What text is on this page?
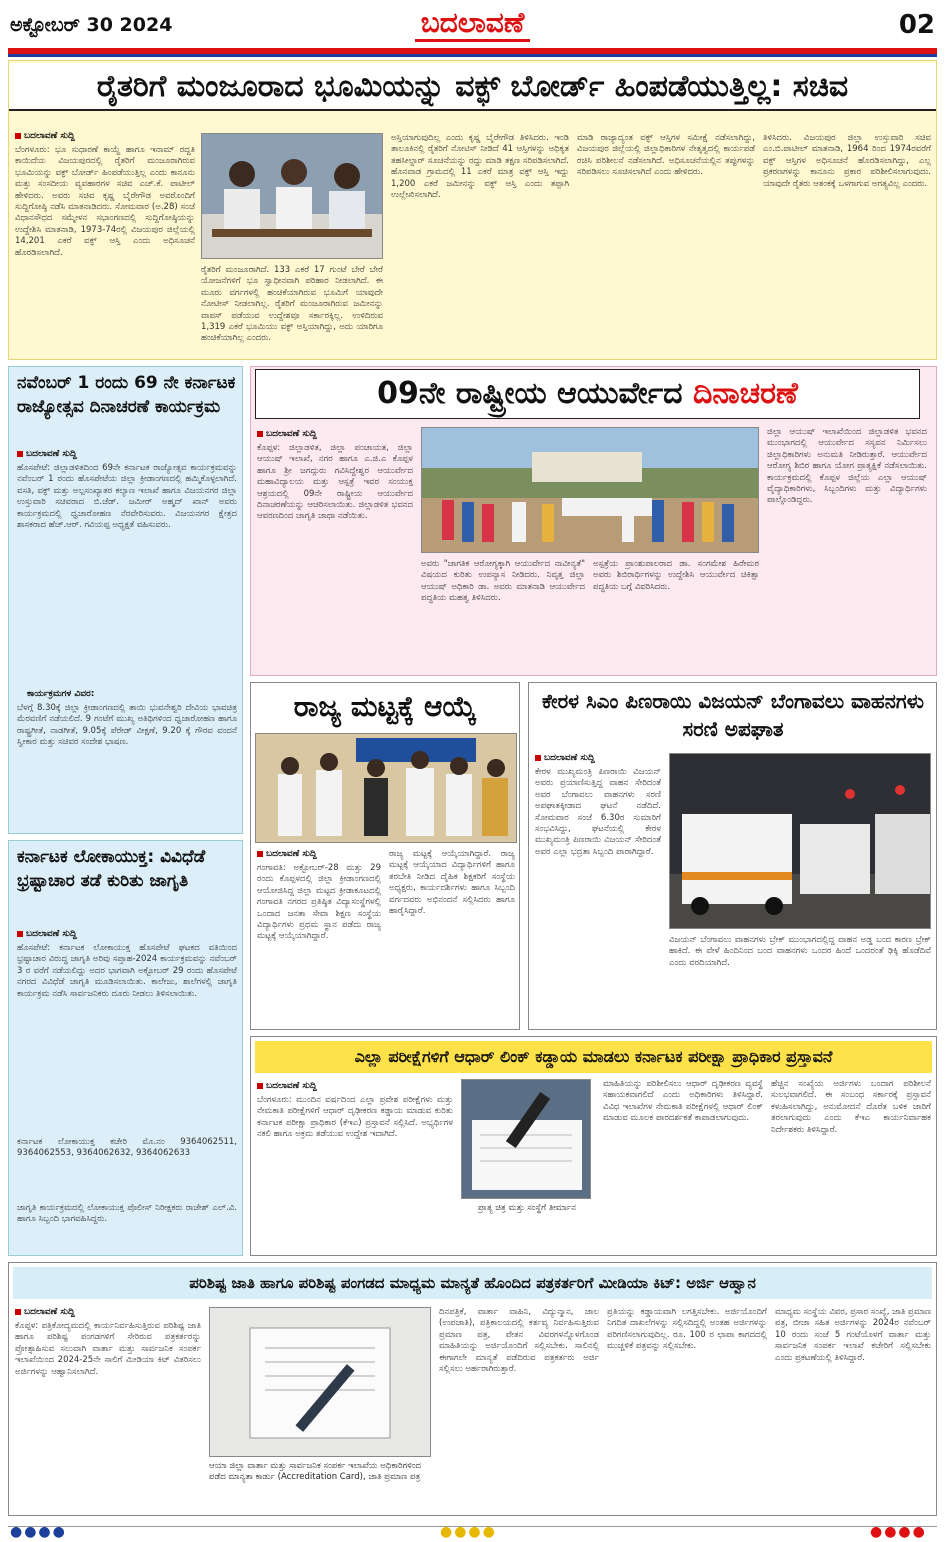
ಅಕ್ಟೋಬರ್ 30 2024	ಬದಲಾವಣೆ	02
ರೈತರಿಗೆ ಮಂಜೂರಾದ ಭೂಮಿಯನ್ನು ವಕ್ಫ್ ಬೋರ್ಡ್ ಹಿಂಪಡೆಯುತ್ತಿಲ್ಲ: ಸಚಿವ
ಬದಲಾವಣೆ ಸುದ್ದಿ
ಬೆಂಗಳೂರು: ಭೂ ಸುಧಾರಣೆ ಕಾಯ್ದೆ ಹಾಗೂ ಇನಾಮ್ ರದ್ದತಿ ಕಾಯಿದೆಯ ವಿಜಯಪುರದಲ್ಲಿ ರೈತರಿಗೆ ಮಂಜೂರಾಗಿರುವ ಭೂಮಿಯನ್ನು ವಕ್ಫ್ ಬೋರ್ಡ್ ಹಿಂಪಡೆಯುತ್ತಿಲ್ಲ ಎಂದು ಕಾನೂನು ಮತ್ತು ಸಂಸದೀಯ ವ್ಯವಹಾರಗಳ ಸಚಿವ ಎಚ್.ಕೆ. ಪಾಟೀಲ್ ಹೇಳಿದರು. ಅವರು ಸಚಿವ ಕೃಷ್ಣ ಬೈರೇಗೌಡ ಅವರೊಂದಿಗೆ ಸುದ್ದಿಗೋಷ್ಠಿ ನಡೆಸಿ ಮಾತನಾಡಿದರು. ಸೋಮವಾರ (ಅ.28) ಸಂಜೆ ವಿಧಾನಸೌಧದ ಸಮ್ಮೇಳನ ಸಭಾಂಗಣದಲ್ಲಿ ಸುದ್ದಿಗೋಷ್ಠಿಯನ್ನು ಉದ್ದೇಶಿಸಿ ಮಾತನಾಡಿ, 1973-74ರಲ್ಲಿ ವಿಜಯಪುರ ಜಿಲ್ಲೆಯಲ್ಲಿ 14,201 ಎಕರೆ ವಕ್ಫ್ ಆಸ್ತಿ ಎಂದು ಅಧಿಸೂಚನೆ ಹೊರಡಿಸಲಾಗಿದೆ.
ರೈತರಿಗೆ ಮಂಜೂರಾಗಿದೆ. 133 ಎಕರೆ 17 ಗುಂಟೆ ಬೇರೆ ಬೇರೆ ಯೋಜನೆಗಳಿಗೆ ಭೂ ಸ್ವಾಧೀನವಾಗಿ ಪರಿಹಾರ ನೀಡಲಾಗಿದೆ. ಈ ಮೂರು ವರ್ಗಗಳಲ್ಲಿ ಹಂಚಿಕೆಯಾಗಿರುವ ಭೂಮಿಗೆ ಯಾವುದೇ ನೋಟೀಸ್ ನೀಡಲಾಗಿಲ್ಲ. ರೈತರಿಗೆ ಮಂಜೂರಾಗಿರುವ ಜಮೀನನ್ನು ವಾಪಸ್ ಪಡೆಯುವ ಉದ್ದೇಶವೂ ಸರ್ಕಾರಕ್ಕಿಲ್ಲ. ಉಳಿದಿರುವ 1,319 ಎಕರೆ ಭೂಮಿಯು ವಕ್ಫ್ ಆಸ್ತಿಯಾಗಿದ್ದು, ಅದು ಯಾರಿಗೂ ಹಂಚಿಕೆಯಾಗಿಲ್ಲ ಎಂದರು.
ಅಸ್ತಿಯಾಗುವುದಿಲ್ಲ ಎಂದು ಕೃಷ್ಣ ಬೈರೇಗೌಡ ತಿಳಿಸಿದರು. ಇಂಡಿ ತಾಲೂಕಿನಲ್ಲಿ ರೈತರಿಗೆ ನೋಟಿಸ್ ನೀಡಿದೆ 41 ಆಸ್ತಿಗಳನ್ನು ಅಧಿಕೃತ ತಹಸೀಲ್ದಾರ್ ಸೂಚನೆಯನ್ನು ರದ್ದು ಮಾಡಿ ತಕ್ಷಣ ಸರಿಪಡಿಸಲಾಗಿದೆ. ಹೊನವಾಡ ಗ್ರಾಮದಲ್ಲಿ 11 ಎಕರೆ ಮಾತ್ರ ವಕ್ಫ್ ಆಸ್ತಿ ಇದ್ದು 1,200 ಎಕರೆ ಜಮೀನನ್ನು ವಕ್ಫ್ ಆಸ್ತಿ ಎಂದು ತಪ್ಪಾಗಿ ಉಲ್ಲೇಖಿಸಲಾಗಿದೆ.
ಮಾಡಿ ರಾಜ್ಯಾದ್ಯಂತ ವಕ್ಫ್ ಆಸ್ತಿಗಳ ಸಮೀಕ್ಷೆ ನಡೆಸಲಾಗಿದ್ದು, ವಿಜಯಪುರ ಜಿಲ್ಲೆಯಲ್ಲಿ ಜಿಲ್ಲಾಧಿಕಾರಿಗಳ ನೇತೃತ್ವದಲ್ಲಿ ಕಾರ್ಯಪಡೆ ರಚಿಸಿ ಪರಿಶೀಲನೆ ನಡೆಸಲಾಗಿದೆ. ಅಧಿಸೂಚನೆಯಲ್ಲಿನ ತಪ್ಪುಗಳನ್ನು ಸರಿಪಡಿಸಲು ಸೂಚಿಸಲಾಗಿದೆ ಎಂದು ಹೇಳಿದರು.
ತಿಳಿಸಿದರು. ವಿಜಯಪುರ ಜಿಲ್ಲಾ ಉಸ್ತುವಾರಿ ಸಚಿವ ಎಂ.ಬಿ.ಪಾಟೀಲ್ ಮಾತನಾಡಿ, 1964 ರಿಂದ 1974ರವರೆಗೆ ವಕ್ಫ್ ಆಸ್ತಿಗಳ ಅಧಿಸೂಚನೆ ಹೊರಡಿಸಲಾಗಿದ್ದು, ಎಲ್ಲ ಪ್ರಕರಣಗಳನ್ನು ಕಾನೂನು ಪ್ರಕಾರ ಪರಿಶೀಲಿಸಲಾಗುವುದು. ಯಾವುದೇ ರೈತರು ಆತಂಕಕ್ಕೆ ಒಳಗಾಗುವ ಅಗತ್ಯವಿಲ್ಲ ಎಂದರು.
ನವೆಂಬರ್ 1 ರಂದು 69 ನೇ ಕರ್ನಾಟಕ ರಾಜ್ಯೋತ್ಸವ ದಿನಾಚರಣೆ ಕಾರ್ಯಕ್ರಮ
ಬದಲಾವಣೆ ಸುದ್ದಿ
ಹೊಸಪೇಟೆ: ಜಿಲ್ಲಾಡಳಿತದಿಂದ 69ನೇ ಕರ್ನಾಟಕ ರಾಜ್ಯೋತ್ಸವ ಕಾರ್ಯಕ್ರಮವನ್ನು ನವೆಂಬರ್ 1 ರಂದು ಹೊಸಪೇಟೆಯ ಜಿಲ್ಲಾ ಕ್ರೀಡಾಂಗಣದಲ್ಲಿ ಹಮ್ಮಿಕೊಳ್ಳಲಾಗಿದೆ. ವಸತಿ, ವಕ್ಫ್ ಮತ್ತು ಅಲ್ಪಸಂಖ್ಯಾತರ ಕಲ್ಯಾಣ ಇಲಾಖೆ ಹಾಗೂ ವಿಜಯನಗರ ಜಿಲ್ಲಾ ಉಸ್ತುವಾರಿ ಸಚಿವರಾದ ಬಿ.ಜೆಡ್. ಜಮೀರ್ ಅಹ್ಮದ್ ಖಾನ್ ಅವರು ಕಾರ್ಯಕ್ರಮದಲ್ಲಿ ಧ್ವಜಾರೋಹಣ ನೆರವೇರಿಸುವರು. ವಿಜಯನಗರ ಕ್ಷೇತ್ರದ ಶಾಸಕರಾದ ಹೆಚ್.ಆರ್. ಗವಿಯಪ್ಪ ಅಧ್ಯಕ್ಷತೆ ವಹಿಸುವರು.
ಕಾರ್ಯಕ್ರಮಗಳ ವಿವರ:
ಬೆಳಗ್ಗೆ 8.30ಕ್ಕೆ ಜಿಲ್ಲಾ ಕ್ರೀಡಾಂಗಣದಲ್ಲಿ ತಾಯಿ ಭುವನೇಶ್ವರಿ ದೇವಿಯ ಭಾವಚಿತ್ರ ಮೆರವಣಿಗೆ ನಡೆಯಲಿದೆ. 9 ಗಂಟೆಗೆ ಮುಖ್ಯ ಅತಿಥಿಗಳಿಂದ ಧ್ವಜಾರೋಹಣ ಹಾಗೂ ರಾಷ್ಟ್ರಗೀತೆ, ನಾಡಗೀತೆ, 9.05ಕ್ಕೆ ಪೆರೇಡ್ ವೀಕ್ಷಣೆ, 9.20 ಕ್ಕೆ ಗೌರವ ವಂದನೆ ಸ್ವೀಕಾರ ಮತ್ತು ಸಚಿವರ ಸಂದೇಶ ಭಾಷಣ.
09ನೇ ರಾಷ್ಟ್ರೀಯ ಆಯುರ್ವೇದ ದಿನಾಚರಣೆ
ಬದಲಾವಣೆ ಸುದ್ದಿ
ಕೊಪ್ಪಳ: ಜಿಲ್ಲಾಡಳಿತ, ಜಿಲ್ಲಾ ಪಂಚಾಯತ, ಜಿಲ್ಲಾ ಆಯುಷ್ ಇಲಾಖೆ, ನಗರ ಹಾಗೂ ಎ.ಜಿ.ಎ ಕೊಪ್ಪಳ ಹಾಗೂ ಶ್ರೀ ಜಗದ್ಗುರು ಗವಿಸಿದ್ದೇಶ್ವರ ಆಯುರ್ವೇದ ಮಹಾವಿದ್ಯಾಲಯ ಮತ್ತು ಆಸ್ಪತ್ರೆ ಇವರ ಸಂಯುಕ್ತ ಆಶ್ರಯದಲ್ಲಿ 09ನೇ ರಾಷ್ಟ್ರೀಯ ಆಯುರ್ವೇದ ದಿನಾಚರಣೆಯನ್ನು ಆಚರಿಸಲಾಯಿತು. ಜಿಲ್ಲಾಡಳಿತ ಭವನದ ಆವರಣದಿಂದ ಜಾಗೃತಿ ಜಾಥಾ ನಡೆಯಿತು.
ಅವರು "ಜಾಗತಿಕ ಆರೋಗ್ಯಕ್ಕಾಗಿ ಆಯುರ್ವೇದ ನಾವೀನ್ಯತೆ" ವಿಷಯದ ಕುರಿತು ಉಪನ್ಯಾಸ ನೀಡಿದರು. ನಿವೃತ್ತ ಜಿಲ್ಲಾ ಆಯುಷ್ ಅಧಿಕಾರಿ ಡಾ. ಅವರು ಮಾತನಾಡಿ ಆಯುರ್ವೇದ ಪದ್ಧತಿಯ ಮಹತ್ವ ತಿಳಿಸಿದರು.
ಅಸ್ಪತ್ರೆಯ ಪ್ರಾಂಶುಪಾಲರಾದ ಡಾ. ಸಂಗಮೇಶ ಹಿರೇಮಠ ಅವರು ಶಿಬಿರಾರ್ಥಿಗಳನ್ನು ಉದ್ದೇಶಿಸಿ ಆಯುರ್ವೇದ ಚಿಕಿತ್ಸಾ ಪದ್ಧತಿಯ ಬಗ್ಗೆ ವಿವರಿಸಿದರು.
ಜಿಲ್ಲಾ ಆಯುಷ್ ಇಲಾಖೆಯಿಂದ ಜಿಲ್ಲಾಡಳಿತ ಭವನದ ಮುಂಭಾಗದಲ್ಲಿ ಆಯುರ್ವೇದ ಸಸ್ಯವನ ನಿರ್ಮಿಸಲು ಜಿಲ್ಲಾಧಿಕಾರಿಗಳು ಅನುಮತಿ ನೀಡಿರುತ್ತಾರೆ. ಆಯುರ್ವೇದ ಆರೋಗ್ಯ ಶಿಬಿರ ಹಾಗೂ ಯೋಗ ಪ್ರಾತ್ಯಕ್ಷಿಕೆ ನಡೆಸಲಾಯಿತು. ಕಾರ್ಯಕ್ರಮದಲ್ಲಿ ಕೊಪ್ಪಳ ಜಿಲ್ಲೆಯ ಎಲ್ಲಾ ಆಯುಷ್ ವೈದ್ಯಾಧಿಕಾರಿಗಳು, ಸಿಬ್ಬಂದಿಗಳು ಮತ್ತು ವಿದ್ಯಾರ್ಥಿಗಳು ಪಾಲ್ಗೊಂಡಿದ್ದರು.
ರಾಜ್ಯ ಮಟ್ಟಕ್ಕೆ ಆಯ್ಕೆ
ಬದಲಾವಣೆ ಸುದ್ದಿ
ಗಂಗಾವತಿ: ಅಕ್ಟೋಬರ್-28 ಮತ್ತು 29 ರಂದು ಕೊಪ್ಪಳದಲ್ಲಿ ಜಿಲ್ಲಾ ಕ್ರೀಡಾಂಗಣದಲ್ಲಿ ಆಯೋಜಿಸಿದ್ದ ಜಿಲ್ಲಾ ಮಟ್ಟದ ಕ್ರೀಡಾಕೂಟದಲ್ಲಿ ಗಂಗಾವತಿ ನಗರದ ಪ್ರತಿಷ್ಠಿತ ವಿದ್ಯಾಸಂಸ್ಥೆಗಳಲ್ಲಿ ಒಂದಾದ ಜನತಾ ಸೇವಾ ಶಿಕ್ಷಣ ಸಂಸ್ಥೆಯ ವಿದ್ಯಾರ್ಥಿಗಳು ಪ್ರಥಮ ಸ್ಥಾನ ಪಡೆದು ರಾಜ್ಯ ಮಟ್ಟಕ್ಕೆ ಆಯ್ಕೆಯಾಗಿದ್ದಾರೆ.
ರಾಜ್ಯ ಮಟ್ಟಕ್ಕೆ ಆಯ್ಕೆಯಾಗಿದ್ದಾರೆ. ರಾಜ್ಯ ಮಟ್ಟಕ್ಕೆ ಆಯ್ಕೆಯಾದ ವಿದ್ಯಾರ್ಥಿಗಳಿಗೆ ಹಾಗೂ ತರಬೇತಿ ನೀಡಿದ ದೈಹಿಕ ಶಿಕ್ಷಕರಿಗೆ ಸಂಸ್ಥೆಯ ಅಧ್ಯಕ್ಷರು, ಕಾರ್ಯದರ್ಶಿಗಳು ಹಾಗೂ ಸಿಬ್ಬಂದಿ ವರ್ಗದವರು ಅಭಿನಂದನೆ ಸಲ್ಲಿಸಿದರು ಹಾಗೂ ಹಾರೈಸಿದ್ದಾರೆ.
ಕೇರಳ ಸಿಎಂ ಪಿಣರಾಯಿ ವಿಜಯನ್ ಬೆಂಗಾವಲು ವಾಹನಗಳು ಸರಣಿ ಅಪಘಾತ
ಬದಲಾವಣೆ ಸುದ್ದಿ
ಕೇರಳ ಮುಖ್ಯಮಂತ್ರಿ ಪಿಣರಾಯಿ ವಿಜಯನ್ ಅವರು ಪ್ರಯಾಣಿಸುತ್ತಿದ್ದ ವಾಹನ ಸೇರಿದಂತೆ ಅವರ ಬೆಂಗಾವಲು ವಾಹನಗಳು ಸರಣಿ ಅಪಘಾತಕ್ಕೀಡಾದ ಘಟನೆ ನಡೆದಿದೆ. ಸೋಮವಾರ ಸಂಜೆ 6.30ರ ಸುಮಾರಿಗೆ ಸಂಭವಿಸಿದ್ದು, ಘಟನೆಯಲ್ಲಿ ಕೇರಳ ಮುಖ್ಯಮಂತ್ರಿ ಪಿಣರಾಯಿ ವಿಜಯನ್ ಸೇರಿದಂತೆ ಅವರ ಎಲ್ಲಾ ಭದ್ರತಾ ಸಿಬ್ಬಂದಿ ಪಾರಾಗಿದ್ದಾರೆ.
ವಿಜಯನ್ ಬೆಂಗಾವಲು ವಾಹನಗಳು ಬ್ರೇಕ್ ಮುಂಭಾಗದಲ್ಲಿದ್ದ ವಾಹನ ಅಡ್ಡ ಬಂದ ಕಾರಣ ಬ್ರೇಕ್ ಹಾಕಿದೆ. ಈ ವೇಳೆ ಹಿಂದಿನಿಂದ ಬಂದ ವಾಹನಗಳು ಒಂದರ ಹಿಂದೆ ಒಂದರಂತೆ ಢಿಕ್ಕಿ ಹೊಡೆದಿವೆ ಎಂದು ವರದಿಯಾಗಿದೆ.
ಕರ್ನಾಟಕ ಲೋಕಾಯುಕ್ತ: ವಿವಿಧೆಡೆ ಭ್ರಷ್ಟಾಚಾರ ತಡೆ ಕುರಿತು ಜಾಗೃತಿ
ಬದಲಾವಣೆ ಸುದ್ದಿ
ಹೊಸಪೇಟೆ: ಕರ್ನಾಟಕ ಲೋಕಾಯುಕ್ತ ಹೊಸಪೇಟೆ ಘಟಕದ ವತಿಯಿಂದ ಭ್ರಷ್ಟಾಚಾರ ವಿರುದ್ಧ ಜಾಗೃತಿ ಅರಿವು ಸಪ್ತಾಹ-2024 ಕಾರ್ಯಕ್ರಮವನ್ನು ನವೆಂಬರ್ 3 ರ ವರೆಗೆ ನಡೆಯಲಿದ್ದು ಅದರ ಭಾಗವಾಗಿ ಅಕ್ಟೋಬರ್ 29 ರಂದು ಹೊಸಪೇಟೆ ನಗರದ ವಿವಿಧೆಡೆ ಜಾಗೃತಿ ಮೂಡಿಸಲಾಯಿತು. ಕಾಲೇಜು, ಶಾಲೆಗಳಲ್ಲಿ ಜಾಗೃತಿ ಕಾರ್ಯಕ್ರಮ ನಡೆಸಿ ಸಾರ್ವಜನಿಕರು ದೂರು ನೀಡಲು ತಿಳಿಸಲಾಯಿತು.
ಕರ್ನಾಟಕ ಲೋಕಾಯುಕ್ತ ಕಚೇರಿ ಮೊ.ನಂ 9364062511, 9364062553, 9364062632, 9364062633
ಜಾಗೃತಿ ಕಾರ್ಯಕ್ರಮದಲ್ಲಿ ಲೋಕಾಯುಕ್ತ ಪೊಲೀಸ್ ನಿರೀಕ್ಷಕರು ರಾಜೇಶ್ ಎಲ್.ವಿ. ಹಾಗೂ ಸಿಬ್ಬಂದಿ ಭಾಗವಹಿಸಿದ್ದರು.
ಎಲ್ಲಾ ಪರೀಕ್ಷೆಗಳಿಗೆ ಆಧಾರ್ ಲಿಂಕ್ ಕಡ್ಡಾಯ ಮಾಡಲು ಕರ್ನಾಟಕ ಪರೀಕ್ಷಾ ಪ್ರಾಧಿಕಾರ ಪ್ರಸ್ತಾವನೆ
ಬದಲಾವಣೆ ಸುದ್ದಿ
ಬೆಂಗಳೂರು: ಮುಂದಿನ ವರ್ಷದಿಂದ ಎಲ್ಲಾ ಪ್ರವೇಶ ಪರೀಕ್ಷೆಗಳು ಮತ್ತು ನೇಮಕಾತಿ ಪರೀಕ್ಷೆಗಳಿಗೆ ಆಧಾರ್ ದೃಢೀಕರಣ ಕಡ್ಡಾಯ ಮಾಡುವ ಕುರಿತು ಕರ್ನಾಟಕ ಪರೀಕ್ಷಾ ಪ್ರಾಧಿಕಾರ (ಕೆಇಎ) ಪ್ರಸ್ತಾವನೆ ಸಲ್ಲಿಸಿದೆ. ಅಭ್ಯರ್ಥಿಗಳ ನಕಲಿ ಹಾಗೂ ಅಕ್ರಮ ತಡೆಯುವ ಉದ್ದೇಶ ಇದಾಗಿದೆ.
ಪ್ರಾತ್ಯ ಚಿತ್ರ ಮತ್ತು ಸಂಸ್ಥೆಗೆ ತೀರ್ಮಾನ
ಮಾಹಿತಿಯನ್ನು ಪರಿಶೀಲಿಸಲು ಆಧಾರ್ ದೃಢೀಕರಣ ವ್ಯವಸ್ಥೆ ಸಹಾಯಕವಾಗಲಿದೆ ಎಂದು ಅಧಿಕಾರಿಗಳು ತಿಳಿಸಿದ್ದಾರೆ. ವಿವಿಧ ಇಲಾಖೆಗಳ ನೇಮಕಾತಿ ಪರೀಕ್ಷೆಗಳಲ್ಲಿ ಆಧಾರ್ ಲಿಂಕ್ ಮಾಡುವ ಮೂಲಕ ಪಾರದರ್ಶಕತೆ ಕಾಪಾಡಲಾಗುವುದು.
ಹೆಚ್ಚಿನ ಸಂಖ್ಯೆಯ ಅರ್ಜಿಗಳು ಬಂದಾಗ ಪರಿಶೀಲನೆ ಸುಲಭವಾಗಲಿದೆ. ಈ ಸಂಬಂಧ ಸರ್ಕಾರಕ್ಕೆ ಪ್ರಸ್ತಾವನೆ ಕಳುಹಿಸಲಾಗಿದ್ದು, ಅನುಮೋದನೆ ದೊರೆತ ಬಳಿಕ ಜಾರಿಗೆ ತರಲಾಗುವುದು ಎಂದು ಕೆಇಎ ಕಾರ್ಯನಿರ್ವಾಹಕ ನಿರ್ದೇಶಕರು ತಿಳಿಸಿದ್ದಾರೆ.
ಪರಿಶಿಷ್ಟ ಜಾತಿ ಹಾಗೂ ಪರಿಶಿಷ್ಟ ಪಂಗಡದ ಮಾಧ್ಯಮ ಮಾನ್ಯತೆ ಹೊಂದಿದ ಪತ್ರಕರ್ತರಿಗೆ ಮೀಡಿಯಾ ಕಿಟ್: ಅರ್ಜಿ ಆಹ್ವಾನ
ಬದಲಾವಣೆ ಸುದ್ದಿ
ಕೊಪ್ಪಳ: ಪತ್ರಿಕೋದ್ಯಮದಲ್ಲಿ ಕಾರ್ಯನಿರ್ವಹಿಸುತ್ತಿರುವ ಪರಿಶಿಷ್ಟ ಜಾತಿ ಹಾಗೂ ಪರಿಶಿಷ್ಟ ಪಂಗಡಗಳಿಗೆ ಸೇರಿರುವ ಪತ್ರಕರ್ತರನ್ನು ಪ್ರೋತ್ಸಾಹಿಸುವ ಸಲುವಾಗಿ ವಾರ್ತಾ ಮತ್ತು ಸಾರ್ವಜನಿಕ ಸಂಪರ್ಕ ಇಲಾಖೆಯಿಂದ 2024-25ನೇ ಸಾಲಿಗೆ ಮೀಡಿಯಾ ಕಿಟ್ ವಿತರಿಸಲು ಅರ್ಜಿಗಳನ್ನು ಆಹ್ವಾನಿಸಲಾಗಿದೆ.
ಆಯಾ ಜಿಲ್ಲಾ ವಾರ್ತಾ ಮತ್ತು ಸಾರ್ವಜನಿಕ ಸಂಪರ್ಕ ಇಲಾಖೆಯ ಅಧಿಕಾರಿಗಳಿಂದ ಪಡೆದ ಮಾನ್ಯತಾ ಕಾರ್ಡು (Accreditation Card), ಜಾತಿ ಪ್ರಮಾಣ ಪತ್ರ
ದಿನಪತ್ರಿಕೆ, ವಾರ್ತಾ ವಾಹಿನಿ, ವಿದ್ಯುನ್ಮಾನ, ಜಾಲ (ಉಪಜಾತಿ), ಪತ್ರಿಕಾಲಯದಲ್ಲಿ ಕರ್ತವ್ಯ ನಿರ್ವಹಿಸುತ್ತಿರುವ ಪ್ರಮಾಣ ಪತ್ರ, ವೇತನ ವಿವರಗಳನ್ನೊಳಗೊಂಡ ಮಾಹಿತಿಯನ್ನು ಅರ್ಜಿಯೊಂದಿಗೆ ಸಲ್ಲಿಸಬೇಕು. ಸಾಲಿನಲ್ಲಿ ಈಗಾಗಲೇ ಮಾನ್ಯತೆ ಪಡೆದಿರುವ ಪತ್ರಕರ್ತರು ಅರ್ಜಿ ಸಲ್ಲಿಸಲು ಅರ್ಹರಾಗಿರುತ್ತಾರೆ.
ಪ್ರತಿಯನ್ನು ಕಡ್ಡಾಯವಾಗಿ ಲಗತ್ತಿಸಬೇಕು. ಅರ್ಜಿಯೊಂದಿಗೆ ನಿಗದಿತ ದಾಖಲೆಗಳನ್ನು ಸಲ್ಲಿಸದಿದ್ದಲ್ಲಿ ಅಂತಹ ಅರ್ಜಿಗಳನ್ನು ಪರಿಗಣಿಸಲಾಗುವುದಿಲ್ಲ. ರೂ. 100 ರ ಛಾಪಾ ಕಾಗದದಲ್ಲಿ ಮುಚ್ಚಳಿಕೆ ಪತ್ರವನ್ನು ಸಲ್ಲಿಸಬೇಕು.
ಮಾಧ್ಯಮ ಸಂಸ್ಥೆಯ ವಿವರ, ಪ್ರಸಾರ ಸಂಖ್ಯೆ, ಜಾತಿ ಪ್ರಮಾಣ ಪತ್ರ, ಬೀಜಾ ಸಹಿತ ಅರ್ಜಿಗಳನ್ನು 2024ರ ನವೆಂಬರ್ 10 ರಂದು ಸಂಜೆ 5 ಗಂಟೆಯೊಳಗೆ ವಾರ್ತಾ ಮತ್ತು ಸಾರ್ವಜನಿಕ ಸಂಪರ್ಕ ಇಲಾಖೆ ಕಚೇರಿಗೆ ಸಲ್ಲಿಸಬೇಕು ಎಂದು ಪ್ರಕಟಣೆಯಲ್ಲಿ ತಿಳಿಸಿದ್ದಾರೆ.
●●●●	●●●●	●●●●
